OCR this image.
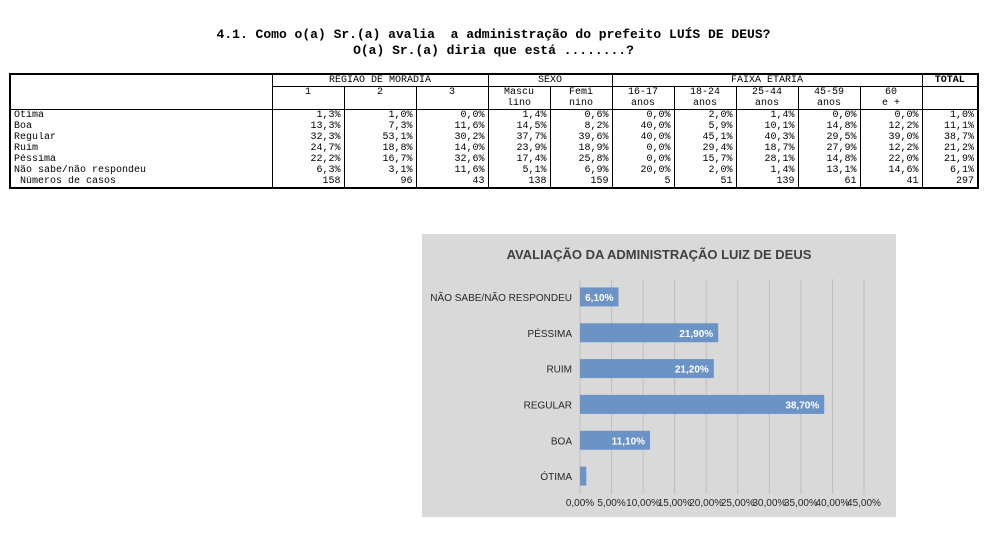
4.1. Como o(a) Sr.(a) avalia  a administração do prefeito LUÍS DE DEUS?
O(a) Sr.(a) diria que está ........?
	REGIÃO DE MORADIA			SEXO		FAIXA ETÁRIA					TOTAL
	1	2	3	Mascu	Femi	16-17	18-24	25-44	45-59	60	
				lino	nino	anos	anos	anos	anos	e +	
Ótima	1,3%	1,0%	0,0%	1,4%	0,6%	0,0%	2,0%	1,4%	0,0%	0,0%	1,0%
Boa	13,3%	7,3%	11,6%	14,5%	8,2%	40,0%	5,9%	10,1%	14,8%	12,2%	11,1%
Regular	32,3%	53,1%	30,2%	37,7%	39,6%	40,0%	45,1%	40,3%	29,5%	39,0%	38,7%
Ruim	24,7%	18,8%	14,0%	23,9%	18,9%	0,0%	29,4%	18,7%	27,9%	12,2%	21,2%
Péssima	22,2%	16,7%	32,6%	17,4%	25,8%	0,0%	15,7%	28,1%	14,8%	22,0%	21,9%
Não sabe/não respondeu	6,3%	3,1%	11,6%	5,1%	6,9%	20,0%	2,0%	1,4%	13,1%	14,6%	6,1%
Números de casos	158	96	43	138	159	5	51	139	61	41	297
AVALIAÇÃO DA ADMINISTRAÇÃO LUIZ DE DEUS
0,00% 5,00% 10,00%
15,00%
20,00%
25,00%
30,00%
35,00%
40,00%
45,00%
ÓTIMA
BOA	11,10%
REGULAR	38,70%
RUIM	21,20%
PÉSSIMA	21,90%
NÃO SABE/NÃO RESPONDEU 6,10%
